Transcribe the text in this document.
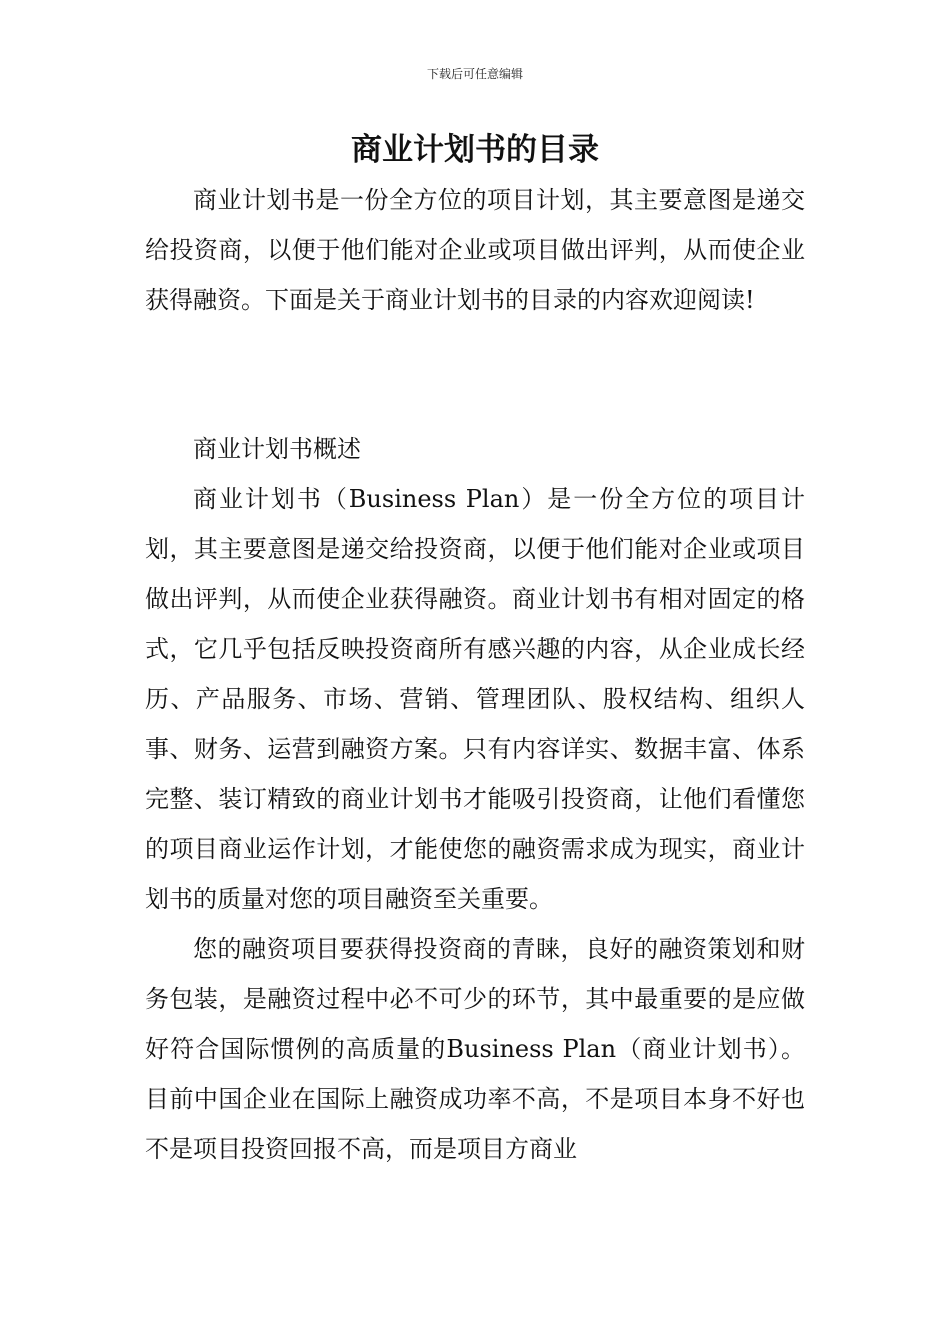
下载后可任意编辑
商业计划书的目录

商业计划书是一份全方位的项目计划，其主要意图是递交给投资商，以便于他们能对企业或项目做出评判，从而使企业获得融资。下面是关于商业计划书的目录的内容欢迎阅读!

商业计划书概述

商业计划书（Business Plan）是一份全方位的项目计划，其主要意图是递交给投资商，以便于他们能对企业或项目做出评判，从而使企业获得融资。商业计划书有相对固定的格式，它几乎包括反映投资商所有感兴趣的内容，从企业成长经历、产品服务、市场、营销、管理团队、股权结构、组织人事、财务、运营到融资方案。只有内容详实、数据丰富、体系完整、装订精致的商业计划书才能吸引投资商，让他们看懂您的项目商业运作计划，才能使您的融资需求成为现实，商业计划书的质量对您的项目融资至关重要。

您的融资项目要获得投资商的青睐，良好的融资策划和财务包装，是融资过程中必不可少的环节，其中最重要的是应做好符合国际惯例的高质量的Business Plan（商业计划书）。目前中国企业在国际上融资成功率不高，不是项目本身不好也不是项目投资回报不高，而是项目方商业
